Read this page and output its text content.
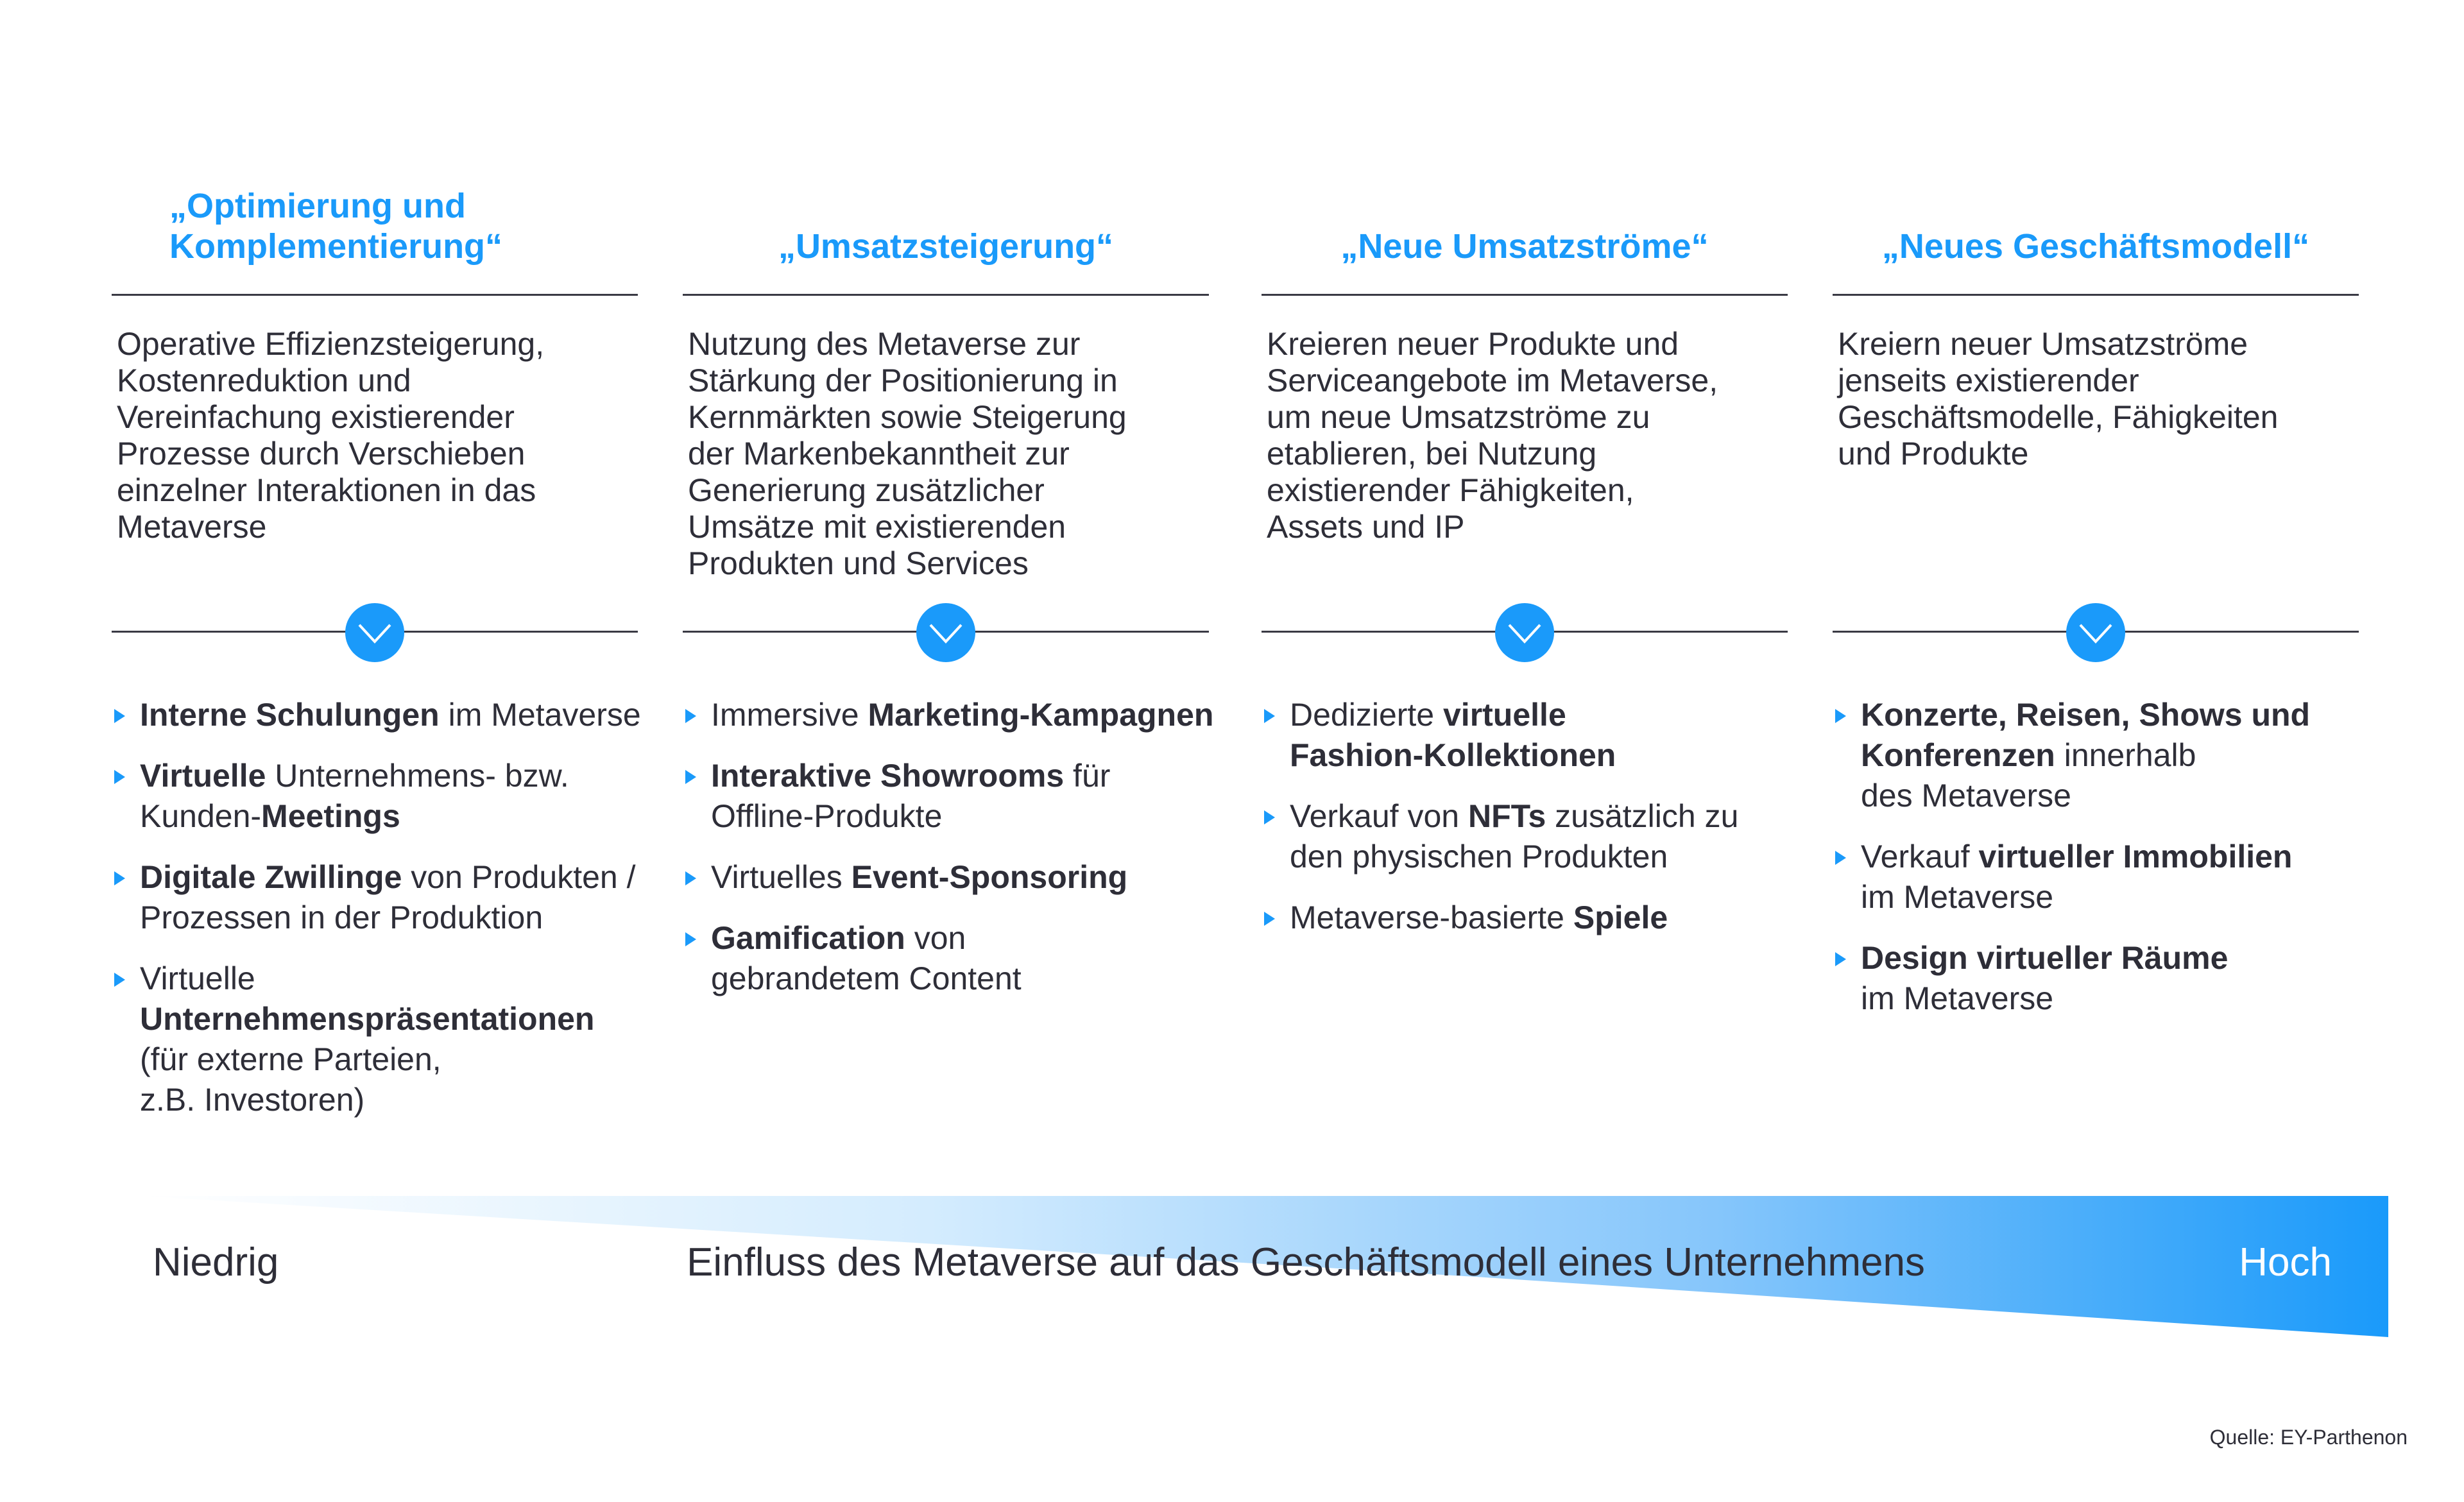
„Optimierung und
Komplementierung“

Operative Effizienzsteigerung,
Kostenreduktion und
Vereinfachung existierender
Prozesse durch Verschieben
einzelner Interaktionen in das
Metaverse

Interne Schulungen im Metaverse
Virtuelle Unternehmens- bzw.
Kunden-Meetings
Digitale Zwillinge von Produkten /
Prozessen in der Produktion
Virtuelle
Unternehmenspräsentationen
(für externe Parteien,
z.B. Investoren)
„Umsatzsteigerung“

Nutzung des Metaverse zur
Stärkung der Positionierung in
Kernmärkten sowie Steigerung
der Markenbekanntheit zur
Generierung zusätzlicher
Umsätze mit existierenden
Produkten und Services

Immersive Marketing-Kampagnen
Interaktive Showrooms für
Offline-Produkte
Virtuelles Event-Sponsoring
Gamification von
gebrandetem Content
„Neue Umsatzströme“

Kreieren neuer Produkte und
Serviceangebote im Metaverse,
um neue Umsatzströme zu
etablieren, bei Nutzung
existierender Fähigkeiten,
Assets und IP

Dedizierte virtuelle
Fashion-Kollektionen
Verkauf von NFTs zusätzlich zu
den physischen Produkten
Metaverse-basierte Spiele
„Neues Geschäftsmodell“

Kreiern neuer Umsatzströme
jenseits existierender
Geschäftsmodelle, Fähigkeiten
und Produkte

Konzerte, Reisen, Shows und
Konferenzen innerhalb
des Metaverse
Verkauf virtueller Immobilien
im Metaverse
Design virtueller Räume
im Metaverse

Niedrig	Einfluss des Metaverse auf das Geschäftsmodell eines Unternehmens	Hoch

Quelle: EY-Parthenon
